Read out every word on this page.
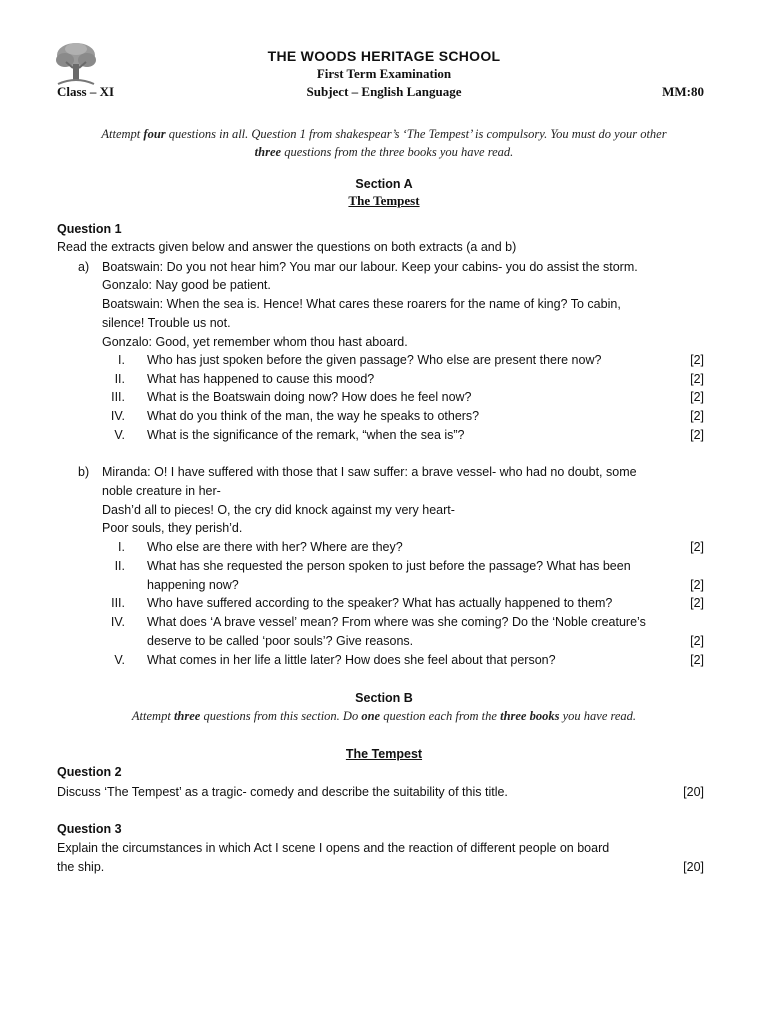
THE WOODS HERITAGE SCHOOL
First Term Examination
Class – XI	Subject – English Language	MM:80
Attempt four questions in all. Question 1 from shakespear’s ‘The Tempest’ is compulsory. You must do your other
three questions from the three books you have read.
Section A
The Tempest
Question 1
Read the extracts given below and answer the questions on both extracts (a and b)
a) Boatswain: Do you not hear him? You mar our labour. Keep your cabins- you do assist the storm.
Gonzalo: Nay good be patient.
Boatswain: When the sea is. Hence! What cares these roarers for the name of king? To cabin,
silence! Trouble us not.
Gonzalo: Good, yet remember whom thou hast aboard.
I. Who has just spoken before the given passage? Who else are present there now?	[2]
II. What has happened to cause this mood?	[2]
III. What is the Boatswain doing now? How does he feel now?	[2]
IV. What do you think of the man, the way he speaks to others?	[2]
V. What is the significance of the remark, “when the sea is”?	[2]
b) Miranda: O! I have suffered with those that I saw suffer: a brave vessel- who had no doubt, some
noble creature in her-
Dash’d all to pieces! O, the cry did knock against my very heart-
Poor souls, they perish’d.
I. Who else are there with her? Where are they?	[2]
II. What has she requested the person spoken to just before the passage? What has been
happening now?	[2]
III. Who have suffered according to the speaker? What has actually happened to them?	[2]
IV. What does ‘A brave vessel’ mean? From where was she coming? Do the ‘Noble creature’s
deserve to be called ‘poor souls’? Give reasons.	[2]
V. What comes in her life a little later? How does she feel about that person?	[2]
Section B
Attempt three questions from this section. Do one question each from the three books you have read.
The Tempest
Question 2
Discuss ‘The Tempest’ as a tragic- comedy and describe the suitability of this title.	[20]
Question 3
Explain the circumstances in which Act I scene I opens and the reaction of different people on board
the ship.	[20]
